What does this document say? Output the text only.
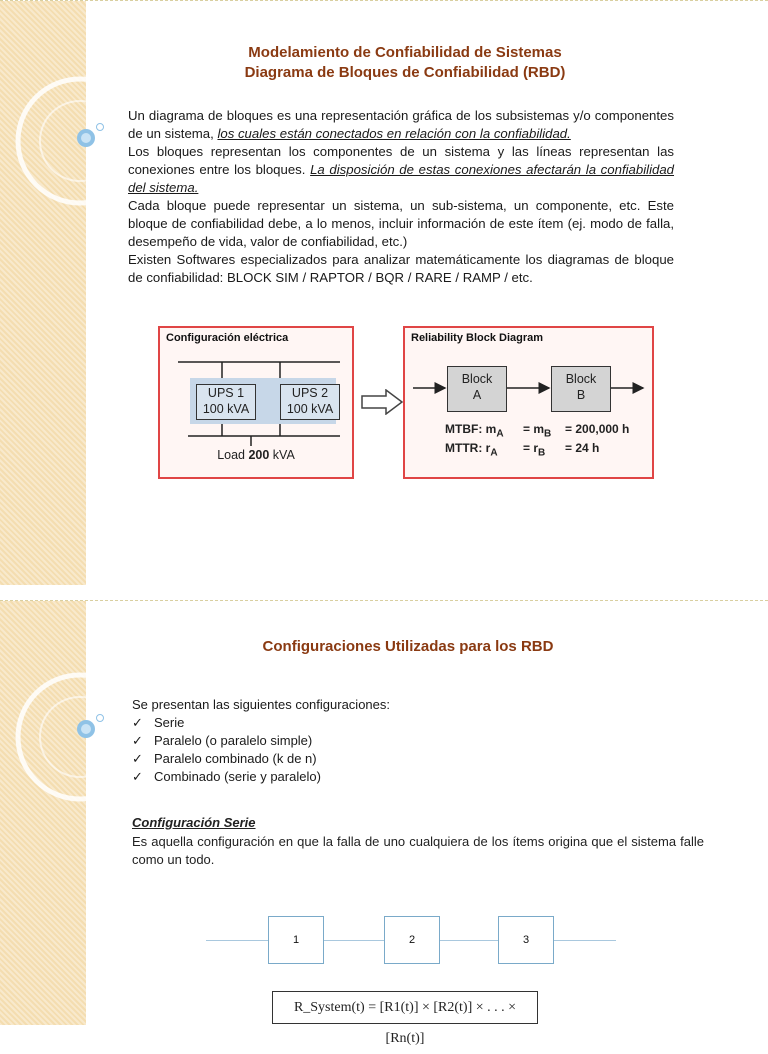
Modelamiento de Confiabilidad de Sistemas
Diagrama de Bloques de Confiabilidad (RBD)

Un diagrama de bloques es una representación gráfica de los subsistemas y/o componentes de un sistema, los cuales están conectados en relación con la confiabilidad.

Los bloques representan los componentes de un sistema y las líneas representan las conexiones entre los bloques. La disposición de estas conexiones afectarán la confiabilidad del sistema.

Cada bloque puede representar un sistema, un sub-sistema, un componente, etc. Este bloque de confiabilidad debe, a lo menos, incluir información de este ítem (ej. modo de falla, desempeño de vida, valor de confiabilidad, etc.)

Existen Softwares especializados para analizar matemáticamente los diagramas de bloque de confiabilidad: BLOCK SIM / RAPTOR / BQR / RARE / RAMP / etc.

Configuración eléctrica
UPS 1
100 kVA
UPS 2
100 kVA
Load 200 kVA
Reliability Block Diagram
Block
A
Block
B
MTBF: $m_A = m_B = 200,000$ h
MTTR: $r_A = r_B = 24$ h
Configuraciones Utilizadas para los RBD
Se presentan las siguientes configuraciones:
✓ Serie
✓ Paralelo (o paralelo simple)
✓ Paralelo combinado (k de n)
✓ Combinado (serie y paralelo)
Configuración Serie
Es aquella configuración en que la falla de uno cualquiera de los ítems origina que el sistema falle como un todo.
1	2	3
R_System(t) = [R1(t)] × [R2(t)] × . . . × [Rn(t)]
